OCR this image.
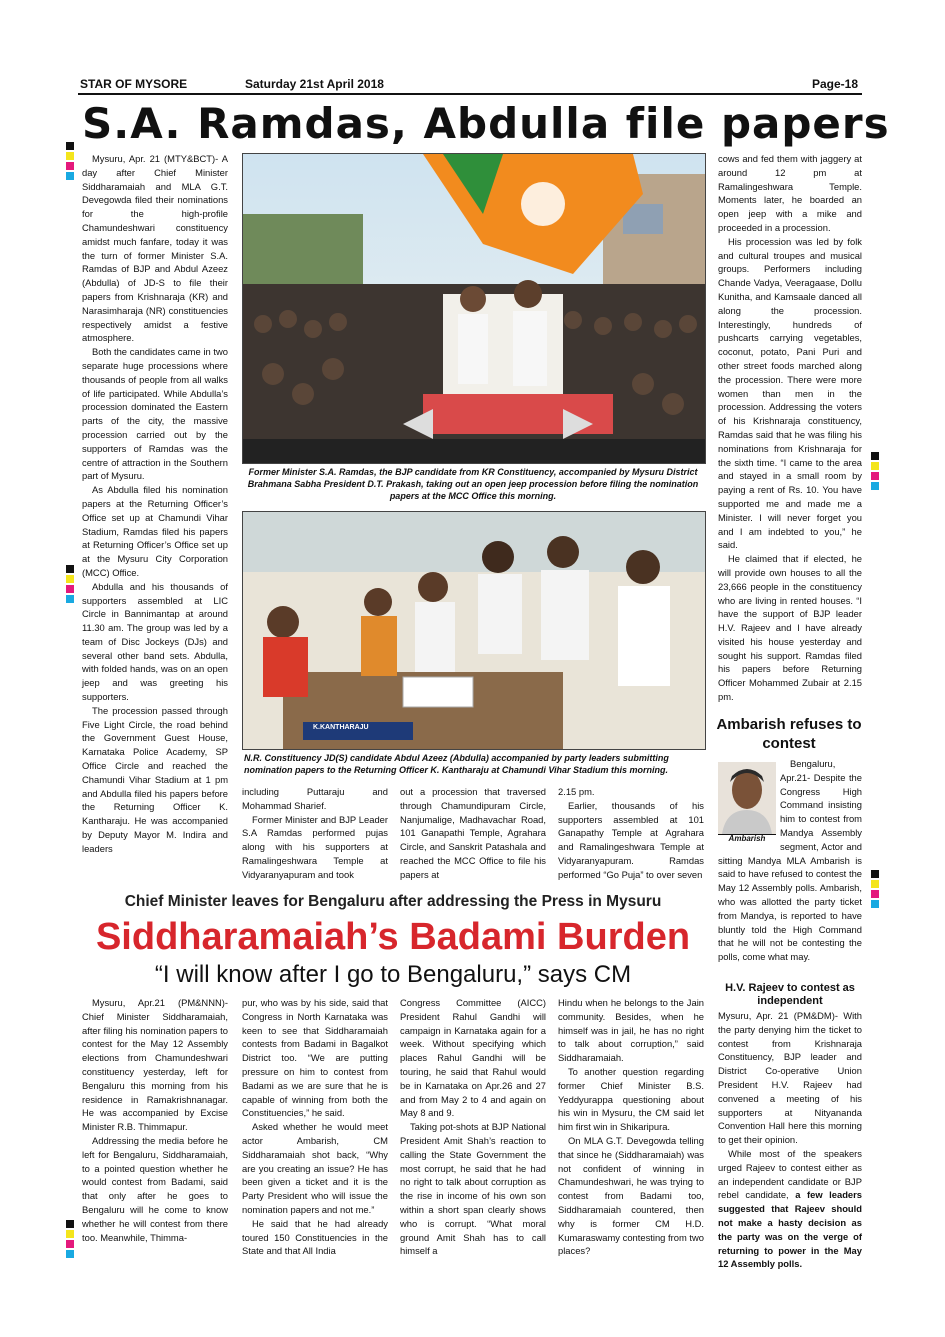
STAR OF MYSORE	Saturday 21st April 2018	Page-18
S.A. Ramdas, Abdulla file papers

Mysuru, Apr. 21 (MTY&BCT)- A day after Chief Minister Siddharamaiah and MLA G.T. Devegowda filed their nominations for the high-profile Chamundeshwari constituency amidst much fanfare, today it was the turn of former Minister S.A. Ramdas of BJP and Abdul Azeez (Abdulla) of JD-S to file their papers from Krishnaraja (KR) and Narasimharaja (NR) constituencies respectively amidst a festive atmosphere.

Both the candidates came in two separate huge processions where thousands of people from all walks of life participated. While Abdulla’s procession dominated the Eastern parts of the city, the massive procession carried out by the supporters of Ramdas was the centre of attraction in the Southern part of Mysuru.

As Abdulla filed his nomination papers at the Returning Officer’s Office set up at Chamundi Vihar Stadium, Ramdas filed his papers at Returning Officer’s Office set up at the Mysuru City Corporation (MCC) Office.

Abdulla and his thousands of supporters assembled at LIC Circle in Bannimantap at around 11.30 am. The group was led by a team of Disc Jockeys (DJs) and several other band sets. Abdulla, with folded hands, was on an open jeep and was greeting his supporters.

The procession passed through Five Light Circle, the road behind the Government Guest House, Karnataka Police Academy, SP Office Circle and reached the Chamundi Vihar Stadium at 1 pm and Abdulla filed his papers before the Returning Officer K. Kantharaju. He was accompanied by Deputy Mayor M. Indira and leaders

Former Minister S.A. Ramdas, the BJP candidate from KR Constituency, accompanied by Mysuru District Brahmana Sabha President D.T. Prakash, taking out an open jeep procession before filing the nomination papers at the MCC Office this morning.
K.KANTHARAJU
N.R. Constituency JD(S) candidate Abdul Azeez (Abdulla) accompanied by party leaders submitting nomination papers to the Returning Officer K. Kantharaju at Chamundi Vihar Stadium this morning.

including Puttaraju and Mohammad Sharief.

Former Minister and BJP Leader S.A Ramdas performed pujas along with his supporters at Ramalingeshwara Temple at Vidyaranyapuram and took

out a procession that traversed through Chamundipuram Circle, Nanjumalige, Madhavachar Road, 101 Ganapathi Temple, Agrahara Circle, and Sanskrit Patashala and reached the MCC Office to file his papers at

2.15 pm.

Earlier, thousands of his supporters assembled at 101 Ganapathy Temple at Agrahara and Ramalingeshwara Temple at Vidyaranyapuram. Ramdas performed “Go Puja” to over seven

cows and fed them with jaggery at around 12 pm at Ramalingeshwara Temple. Moments later, he boarded an open jeep with a mike and proceeded in a procession.

His procession was led by folk and cultural troupes and musical groups. Performers including Chande Vadya, Veeragaase, Dollu Kunitha, and Kamsaale danced all along the procession. Interestingly, hundreds of pushcarts carrying vegetables, coconut, potato, Pani Puri and other street foods marched along the procession. There were more women than men in the procession. Addressing the voters of his Krishnaraja constituency, Ramdas said that he was filing his nominations from Krishnaraja for the sixth time. “I came to the area and stayed in a small room by paying a rent of Rs. 10. You have supported me and made me a Minister. I will never forget you and I am indebted to you,” he said.

He claimed that if elected, he will provide own houses to all the 23,666 people in the constituency who are living in rented houses. “I have the support of BJP leader H.V. Rajeev and I have already visited his house yesterday and sought his support. Ramdas filed his papers before Returning Officer Mohammed Zubair at 2.15 pm.

Ambarish refuses to contest
Ambarish

Bengaluru, Apr.21- Despite the Congress High Command insisting him to contest from Mandya Assembly segment, Actor and sitting Mandya MLA Ambarish is said to have refused to contest the May 12 Assembly polls. Ambarish, who was allotted the party ticket from Mandya, is reported to have bluntly told the High Command that he will not be contesting the polls, come what may.

H.V. Rajeev to contest as independent

Mysuru, Apr. 21 (PM&DM)- With the party denying him the ticket to contest from Krishnaraja Constituency, BJP leader and District Co-operative Union President H.V. Rajeev had convened a meeting of his supporters at Nityananda Convention Hall here this morning to get their opinion.

While most of the speakers urged Rajeev to contest either as an independent candidate or BJP rebel candidate, a few leaders suggested that Rajeev should not make a hasty decision as the party was on the verge of returning to power in the May 12 Assembly polls.

Chief Minister leaves for Bengaluru after addressing the Press in Mysuru
Siddharamaiah’s Badami Burden
“I will know after I go to Bengaluru,” says CM

Mysuru, Apr.21 (PM&NNN)- Chief Minister Siddharamaiah, after filing his nomination papers to contest for the May 12 Assembly elections from Chamundeshwari constituency yesterday, left for Bengaluru this morning from his residence in Ramakrishnanagar. He was accompanied by Excise Minister R.B. Thimmapur.

Addressing the media before he left for Bengaluru, Siddharamaiah, to a pointed question whether he would contest from Badami, said that only after he goes to Bengaluru will he come to know whether he will contest from there too. Meanwhile, Thimma-

pur, who was by his side, said that Congress in North Karnataka was keen to see that Siddharamaiah contests from Badami in Bagalkot District too. “We are putting pressure on him to contest from Badami as we are sure that he is capable of winning from both the Constituencies,” he said.

Asked whether he would meet actor Ambarish, CM Siddharamaiah shot back, “Why are you creating an issue? He has been given a ticket and it is the Party President who will issue the nomination papers and not me.”

He said that he had already toured 150 Constituencies in the State and that All India

Congress Committee (AICC) President Rahul Gandhi will campaign in Karnataka again for a week. Without specifying which places Rahul Gandhi will be touring, he said that Rahul would be in Karnataka on Apr.26 and 27 and from May 2 to 4 and again on May 8 and 9.

Taking pot-shots at BJP National President Amit Shah’s reaction to calling the State Government the most corrupt, he said that he had no right to talk about corruption as the rise in income of his own son within a short span clearly shows who is corrupt. “What moral ground Amit Shah has to call himself a

Hindu when he belongs to the Jain community. Besides, when he himself was in jail, he has no right to talk about corruption,” said Siddharamaiah.

To another question regarding former Chief Minister B.S. Yeddyurappa questioning about his win in Mysuru, the CM said let him first win in Shikaripura.

On MLA G.T. Devegowda telling that since he (Siddharamaiah) was not confident of winning in Chamundeshwari, he was trying to contest from Badami too, Siddharamaiah countered, then why is former CM H.D. Kumaraswamy contesting from two places?
